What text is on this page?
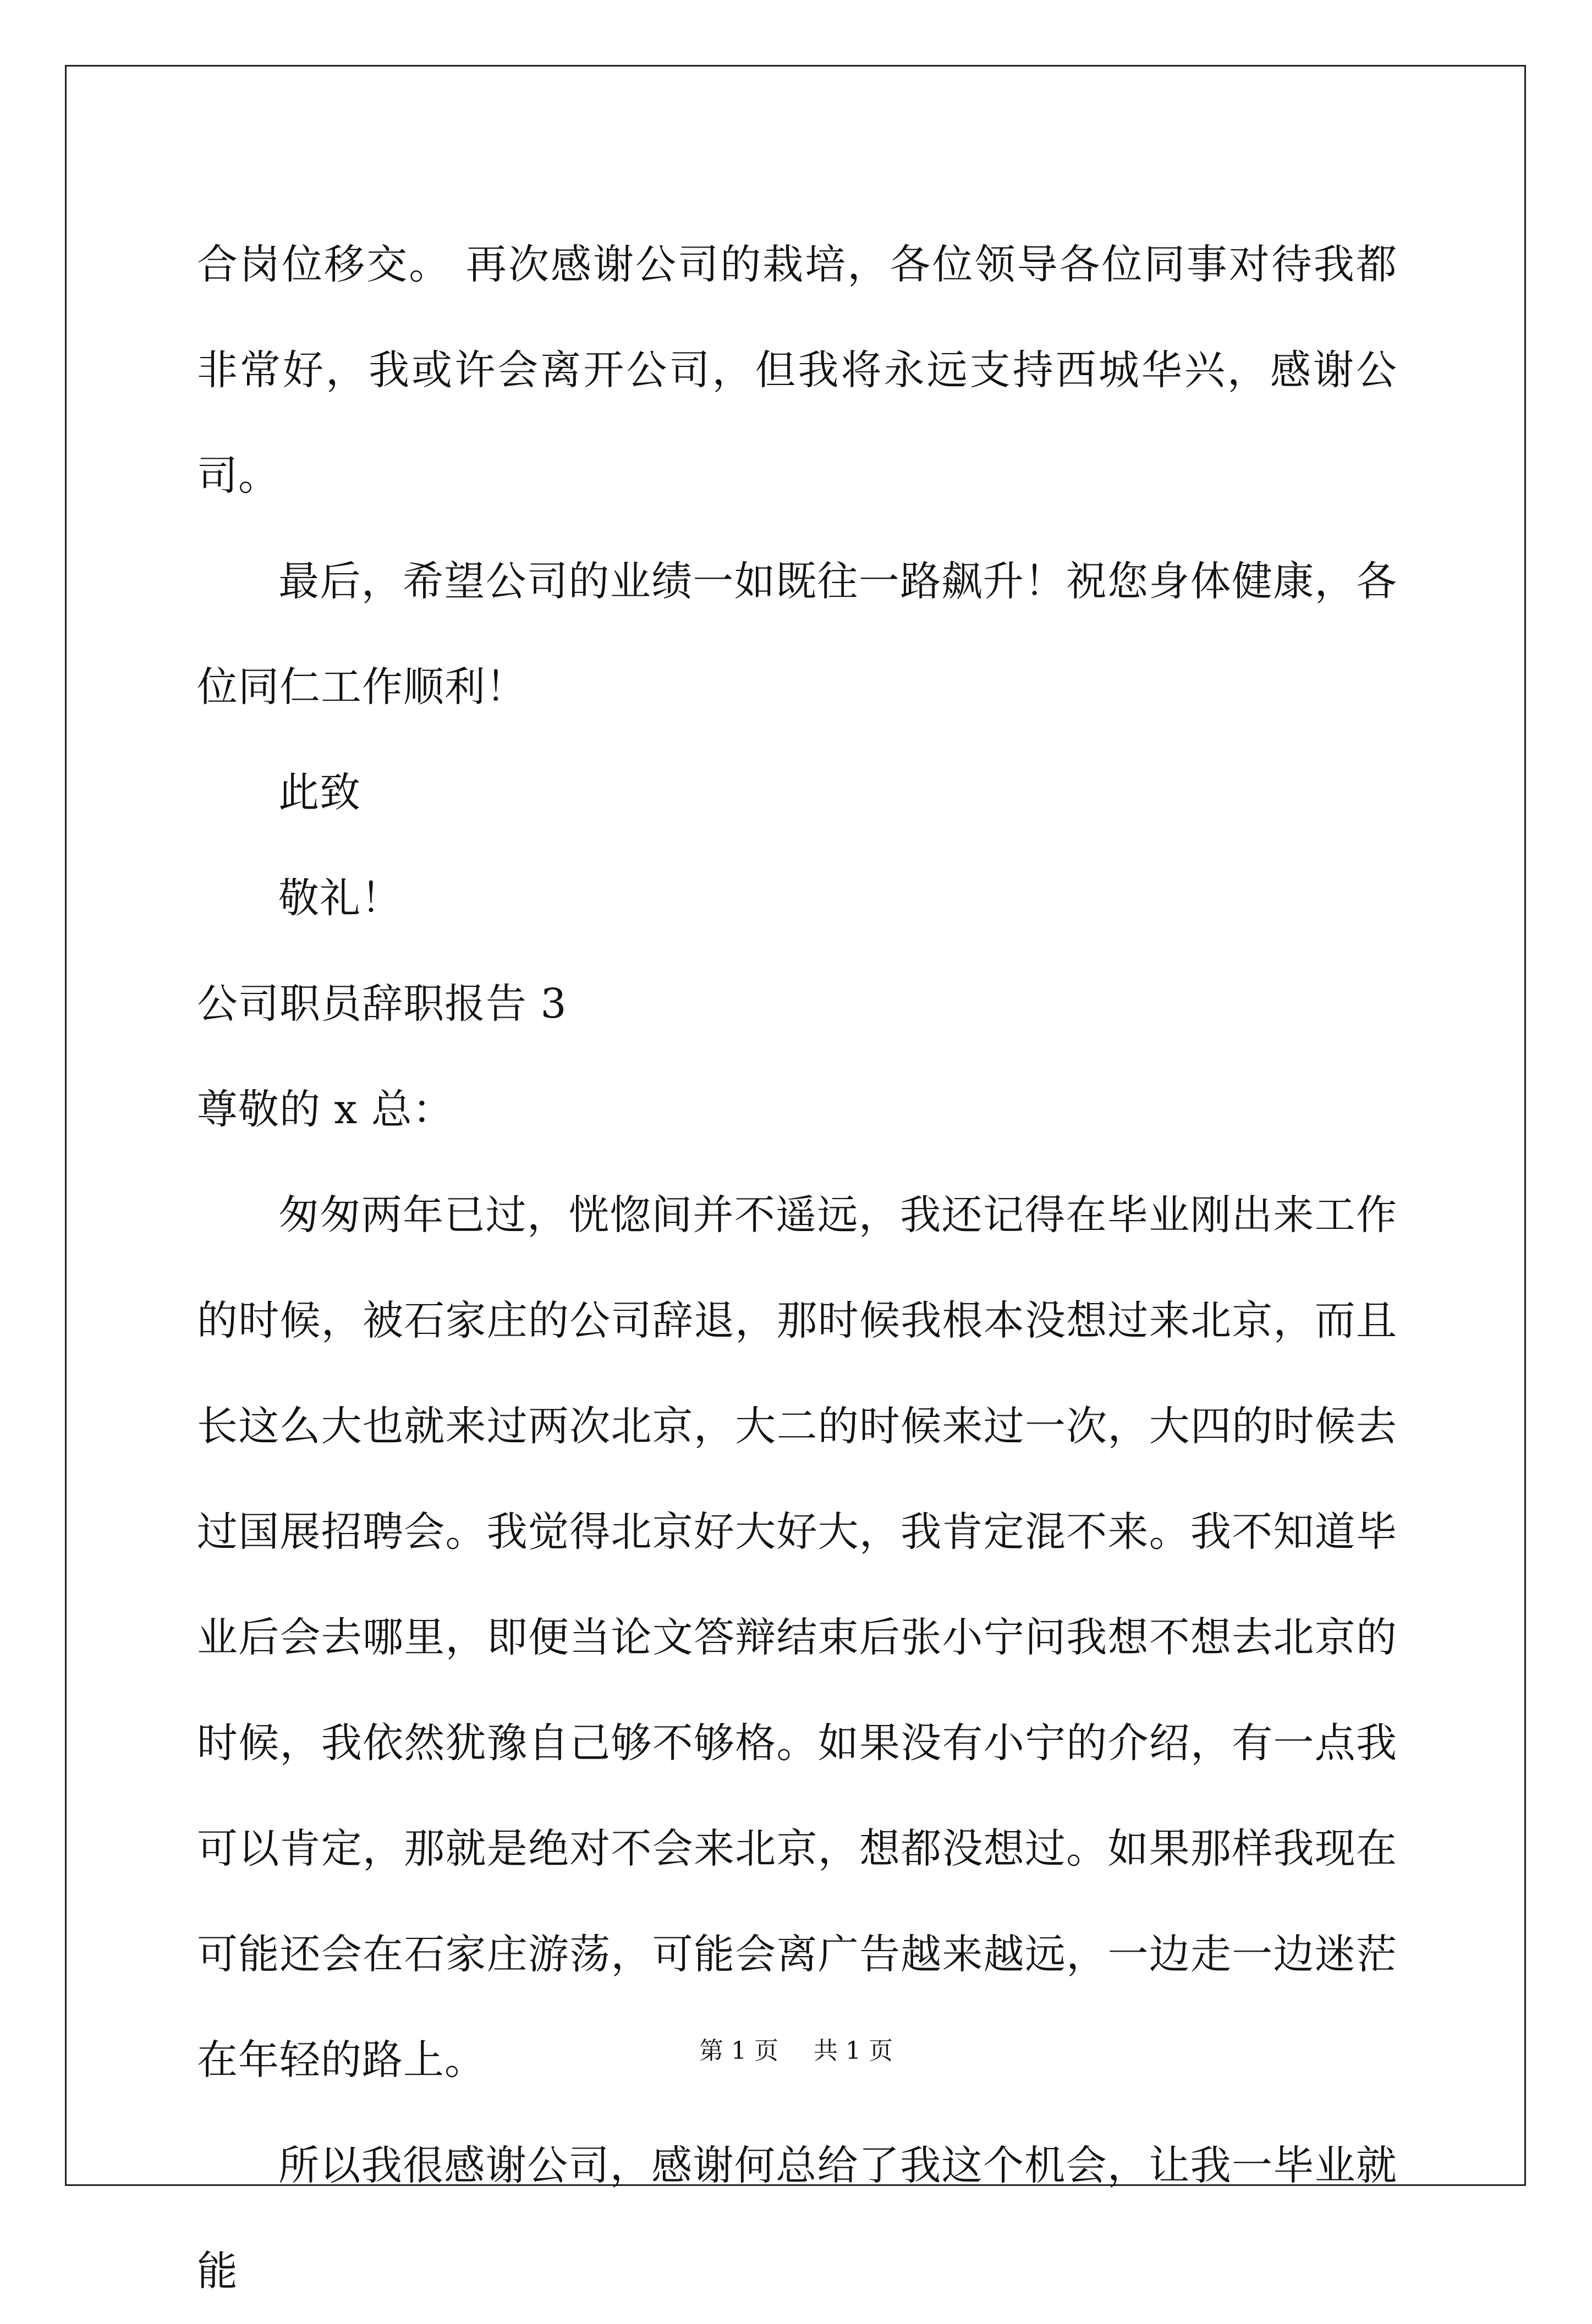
合岗位移交。 再次感谢公司的栽培，各位领导各位同事对待我都非常好，我或许会离开公司，但我将永远支持西城华兴，感谢公司。

最后，希望公司的业绩一如既往一路飙升！祝您身体健康，各位同仁工作顺利！

此致

敬礼！

公司职员辞职报告 3

尊敬的 x 总：

匆匆两年已过，恍惚间并不遥远，我还记得在毕业刚出来工作的时候，被石家庄的公司辞退，那时候我根本没想过来北京，而且长这么大也就来过两次北京，大二的时候来过一次，大四的时候去过国展招聘会。我觉得北京好大好大，我肯定混不来。我不知道毕业后会去哪里，即便当论文答辩结束后张小宁问我想不想去北京的时候，我依然犹豫自己够不够格。如果没有小宁的介绍，有一点我可以肯定，那就是绝对不会来北京，想都没想过。如果那样我现在可能还会在石家庄游荡，可能会离广告越来越远，一边走一边迷茫在年轻的路上。

所以我很感谢公司，感谢何总给了我这个机会，让我一毕业就能

第 1 页 共 1 页
